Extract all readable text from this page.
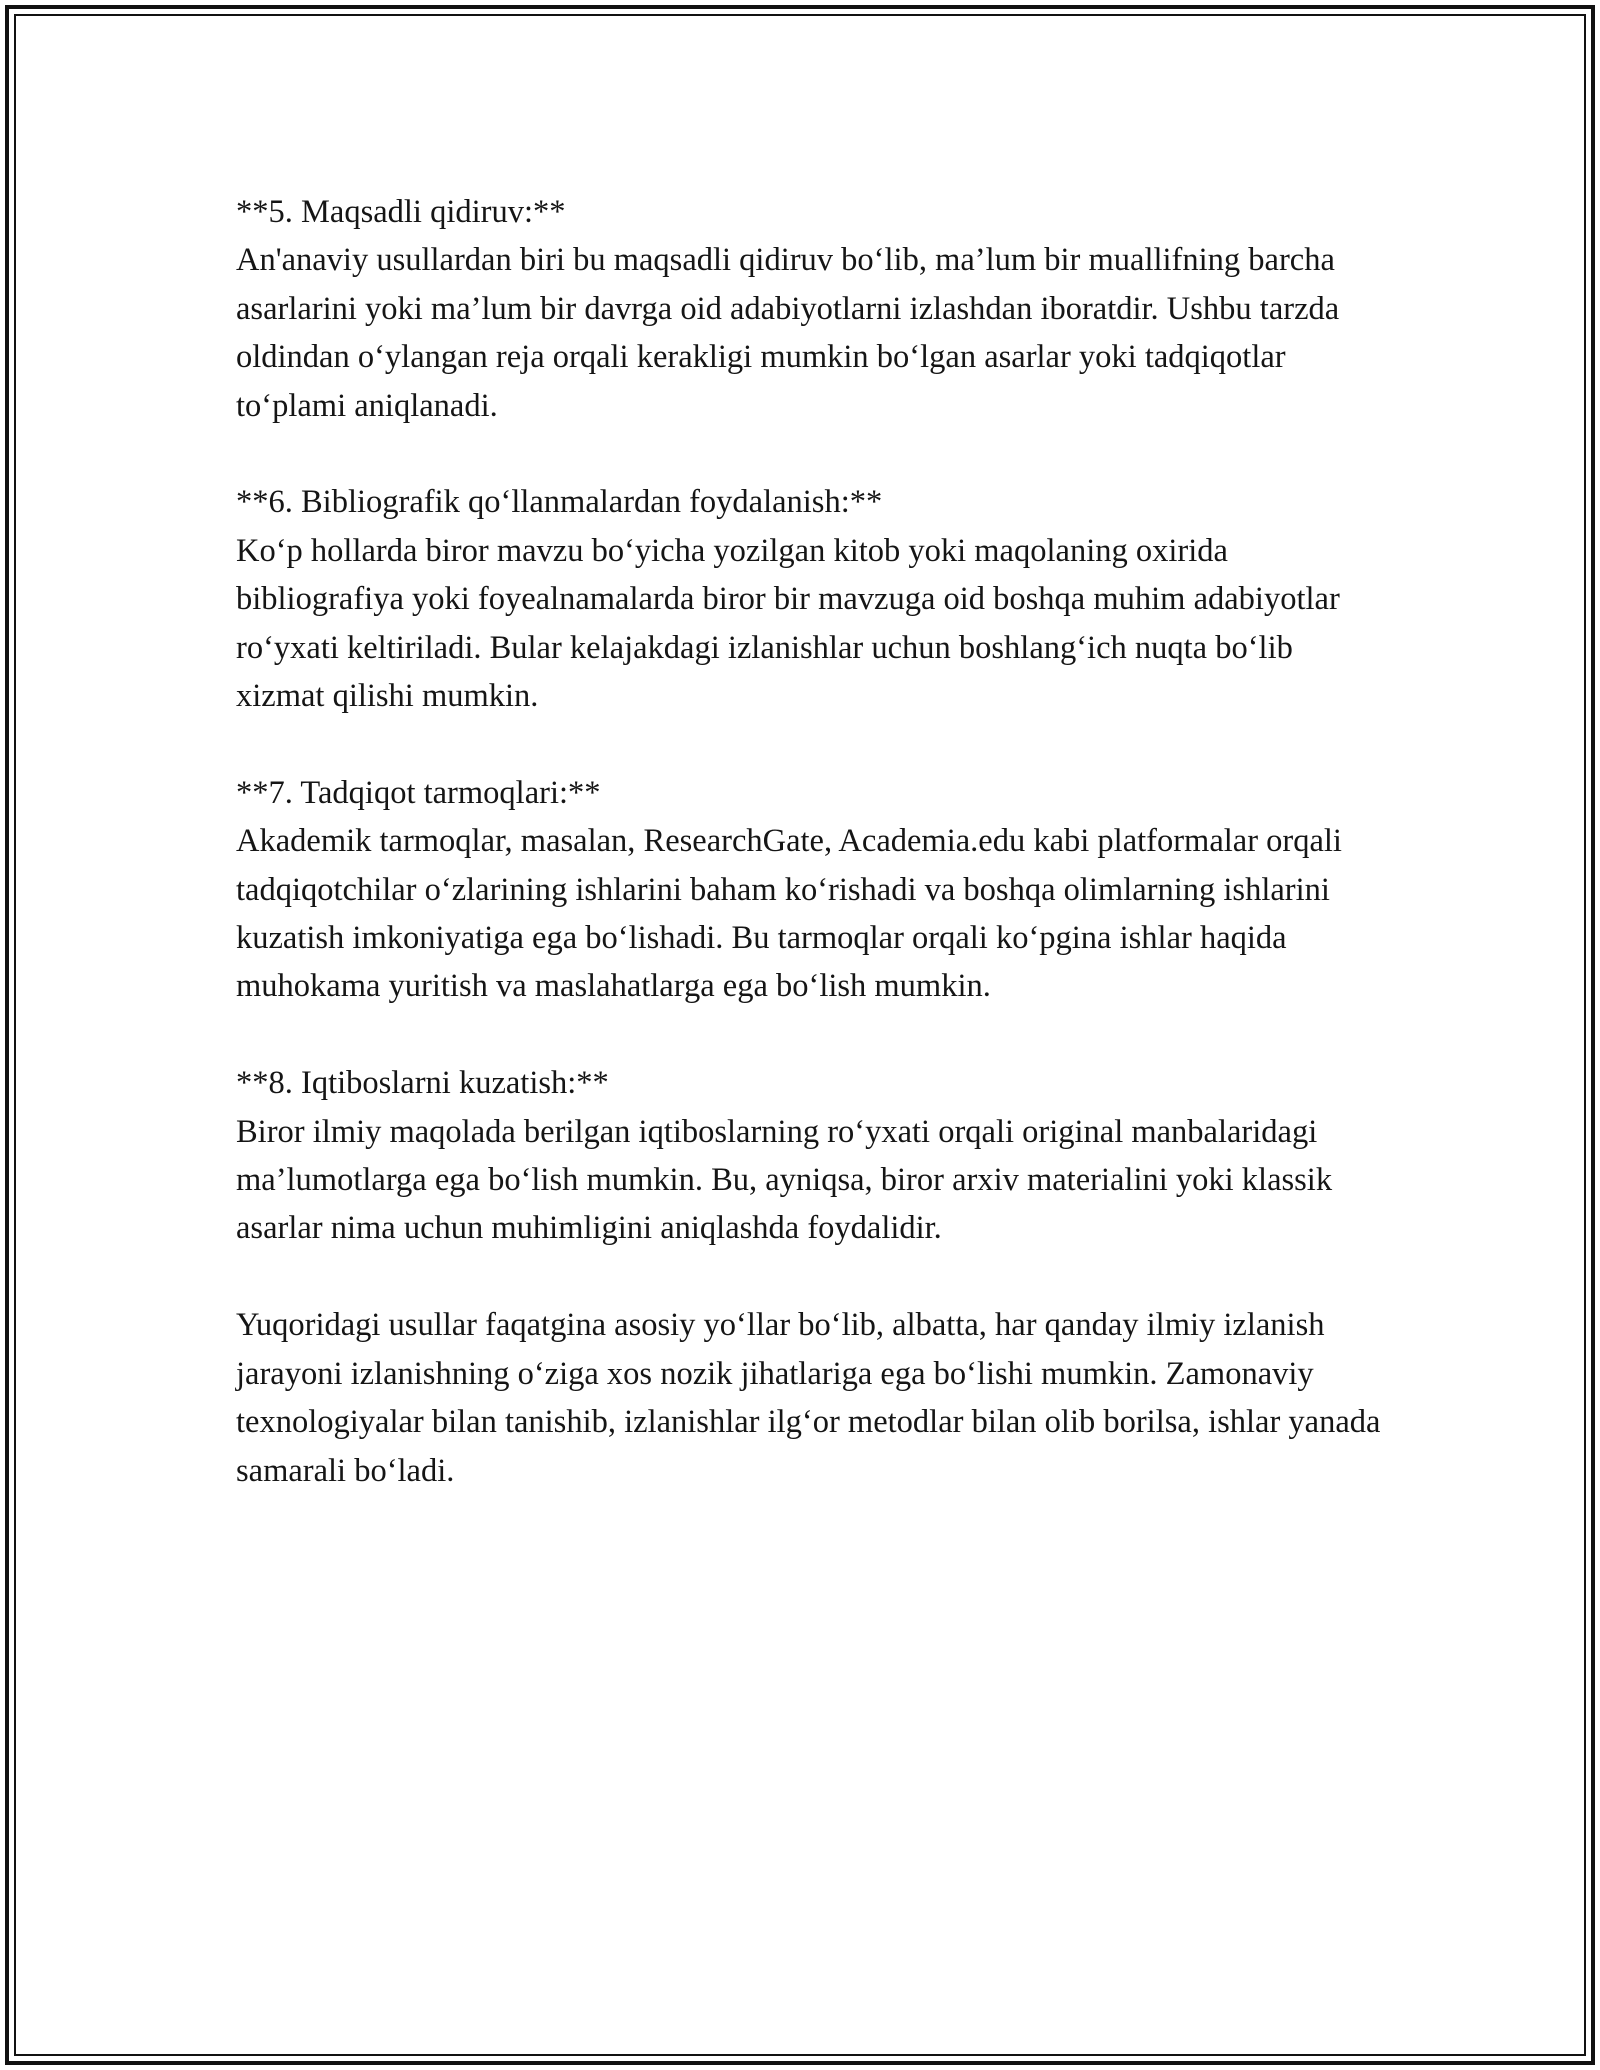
**5. Maqsadli qidiruv:**

An'anaviy usullardan biri bu maqsadli qidiruv bo‘lib, ma’lum bir muallifning barcha asarlarini yoki ma’lum bir davrga oid adabiyotlarni izlashdan iboratdir. Ushbu tarzda oldindan o‘ylangan reja orqali kerakligi mumkin bo‘lgan asarlar yoki tadqiqotlar to‘plami aniqlanadi.

**6. Bibliografik qo‘llanmalardan foydalanish:**

Ko‘p hollarda biror mavzu bo‘yicha yozilgan kitob yoki maqolaning oxirida bibliografiya yoki foyealnamalarda biror bir mavzuga oid boshqa muhim adabiyotlar ro‘yxati keltiriladi. Bular kelajakdagi izlanishlar uchun boshlang‘ich nuqta bo‘lib xizmat qilishi mumkin.

**7. Tadqiqot tarmoqlari:**

Akademik tarmoqlar, masalan, ResearchGate, Academia.edu kabi platformalar orqali tadqiqotchilar o‘zlarining ishlarini baham ko‘rishadi va boshqa olimlarning ishlarini kuzatish imkoniyatiga ega bo‘lishadi. Bu tarmoqlar orqali ko‘pgina ishlar haqida muhokama yuritish va maslahatlarga ega bo‘lish mumkin.

**8. Iqtiboslarni kuzatish:**

Biror ilmiy maqolada berilgan iqtiboslarning ro‘yxati orqali original manbalaridagi ma’lumotlarga ega bo‘lish mumkin. Bu, ayniqsa, biror arxiv materialini yoki klassik asarlar nima uchun muhimligini aniqlashda foydalidir.

Yuqoridagi usullar faqatgina asosiy yo‘llar bo‘lib, albatta, har qanday ilmiy izlanish jarayoni izlanishning o‘ziga xos nozik jihatlariga ega bo‘lishi mumkin. Zamonaviy texnologiyalar bilan tanishib, izlanishlar ilg‘or metodlar bilan olib borilsa, ishlar yanada samarali bo‘ladi.
